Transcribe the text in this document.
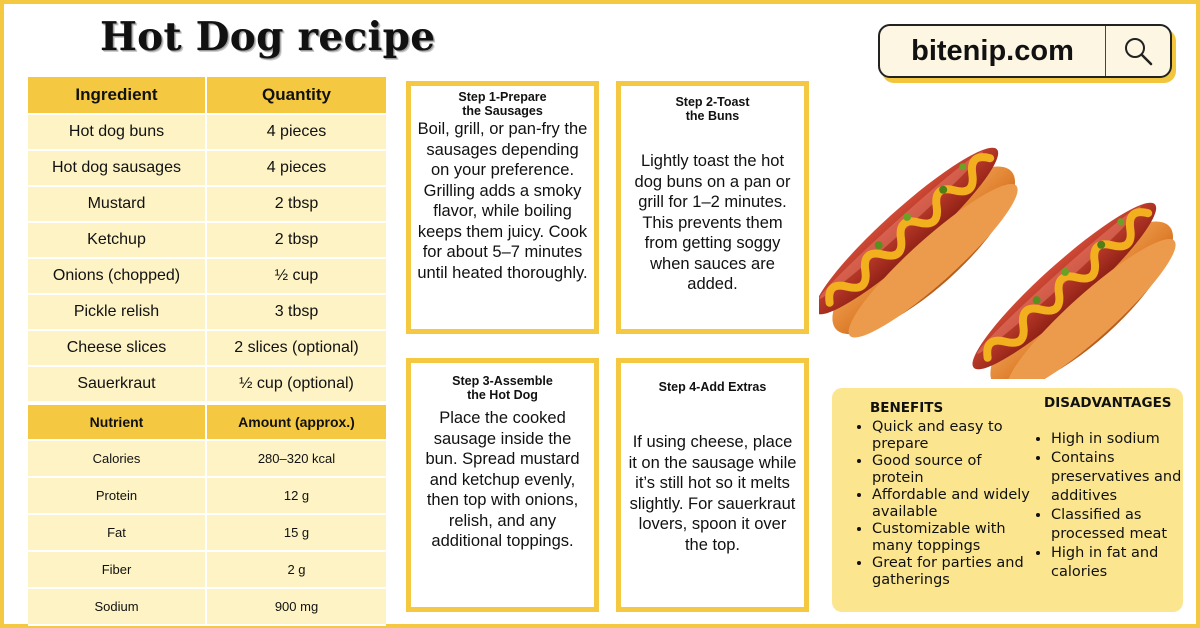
Hot Dog recipe	bitenip.com
Ingredient	Quantity
Hot dog buns	4 pieces
Hot dog sausages	4 pieces
Mustard	2 tbsp
Ketchup	2 tbsp
Onions (chopped)	½ cup
Pickle relish	3 tbsp
Cheese slices	2 slices (optional)
Sauerkraut	½ cup (optional)
Nutrient	Amount (approx.)
Calories	280–320 kcal
Protein	12 g
Fat	15 g
Fiber	2 g
Sodium	900 mg
Step 1-Prepare
the Sausages
Boil, grill, or pan-fry the sausages depending on your preference. Grilling adds a smoky flavor, while boiling keeps them juicy. Cook for about 5–7 minutes until heated thoroughly.
Step 2-Toast
the Buns
Lightly toast the hot dog buns on a pan or grill for 1–2 minutes. This prevents them from getting soggy when sauces are added.
Step 3-Assemble
the Hot Dog
Place the cooked sausage inside the bun. Spread mustard and ketchup evenly, then top with onions, relish, and any additional toppings.
Step 4-Add Extras
If using cheese, place it on the sausage while it’s still hot so it melts slightly. For sauerkraut lovers, spoon it over the top.
BENEFITS
• Quick and easy to prepare
• Good source of protein
• Affordable and widely available
• Customizable with many toppings
• Great for parties and gatherings
DISADVANTAGES
• High in sodium
• Contains preservatives and additives
• Classified as processed meat
• High in fat and calories
